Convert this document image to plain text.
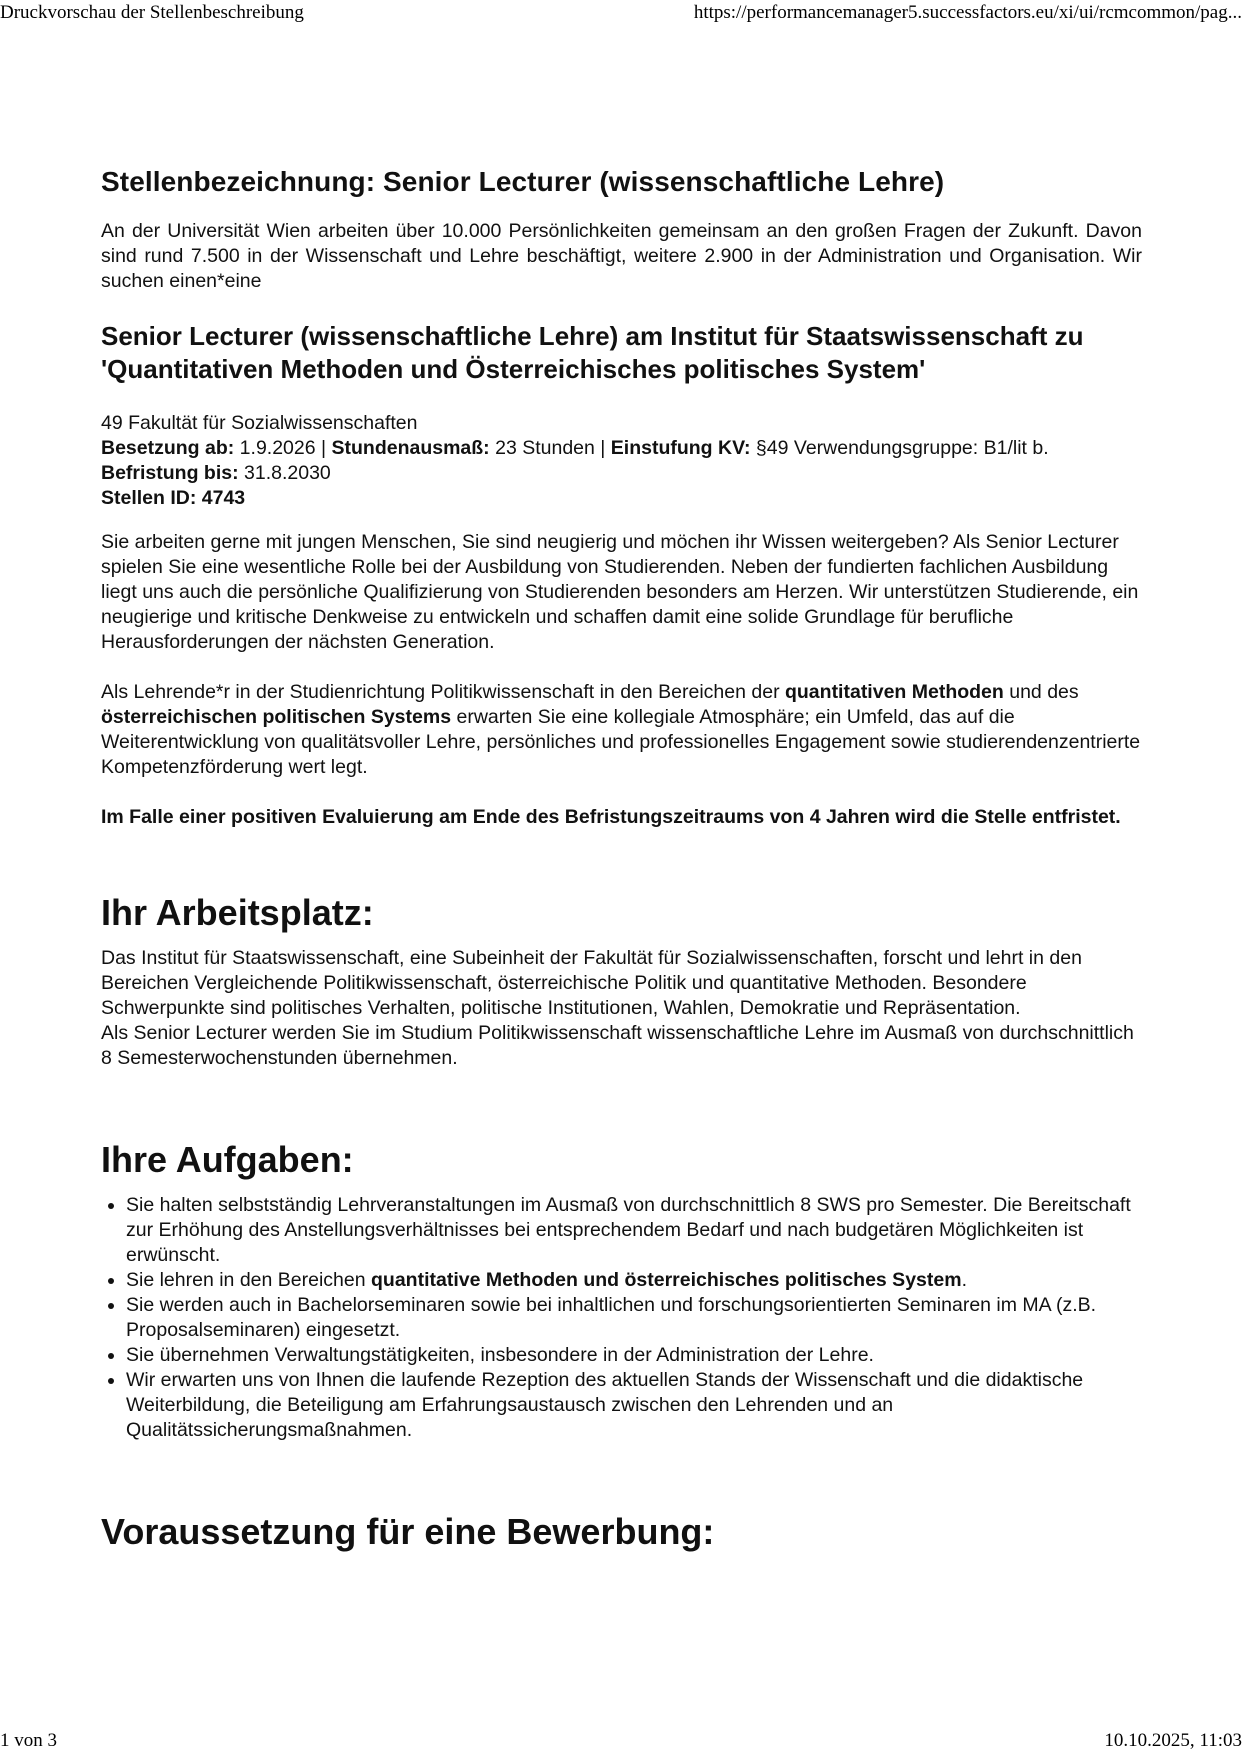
Druckvorschau der Stellenbeschreibung	https://performancemanager5.successfactors.eu/xi/ui/rcmcommon/pag...
Stellenbezeichnung: Senior Lecturer (wissenschaftliche Lehre)

An der Universität Wien arbeiten über 10.000 Persönlichkeiten gemeinsam an den großen Fragen der Zukunft. Davon sind rund 7.500 in der Wissenschaft und Lehre beschäftigt, weitere 2.900 in der Administration und Organisation. Wir suchen einen*eine

Senior Lecturer (wissenschaftliche Lehre) am Institut für Staatswissenschaft zu 'Quantitativen Methoden und Österreichisches politisches System'
49 Fakultät für Sozialwissenschaften
Besetzung ab: 1.9.2026 | Stundenausmaß: 23 Stunden | Einstufung KV: §49 Verwendungsgruppe: B1/lit b.
Befristung bis: 31.8.2030
Stellen ID: 4743

Sie arbeiten gerne mit jungen Menschen, Sie sind neugierig und möchen ihr Wissen weitergeben? Als Senior Lecturer spielen Sie eine wesentliche Rolle bei der Ausbildung von Studierenden. Neben der fundierten fachlichen Ausbildung liegt uns auch die persönliche Qualifizierung von Studierenden besonders am Herzen. Wir unterstützen Studierende, ein neugierige und kritische Denkweise zu entwickeln und schaffen damit eine solide Grundlage für berufliche Herausforderungen der nächsten Generation.

Als Lehrende*r in der Studienrichtung Politikwissenschaft in den Bereichen der quantitativen Methoden und des österreichischen politischen Systems erwarten Sie eine kollegiale Atmosphäre; ein Umfeld, das auf die Weiterentwicklung von qualitätsvoller Lehre, persönliches und professionelles Engagement sowie studierendenzentrierte Kompetenzförderung wert legt.

Im Falle einer positiven Evaluierung am Ende des Befristungszeitraums von 4 Jahren wird die Stelle entfristet.

Ihr Arbeitsplatz:

Das Institut für Staatswissenschaft, eine Subeinheit der Fakultät für Sozialwissenschaften, forscht und lehrt in den Bereichen Vergleichende Politikwissenschaft, österreichische Politik und quantitative Methoden. Besondere Schwerpunkte sind politisches Verhalten, politische Institutionen, Wahlen, Demokratie und Repräsentation.

Als Senior Lecturer werden Sie im Studium Politikwissenschaft wissenschaftliche Lehre im Ausmaß von durchschnittlich 8 Semesterwochenstunden übernehmen.

Ihre Aufgaben:
• Sie halten selbstständig Lehrveranstaltungen im Ausmaß von durchschnittlich 8 SWS pro Semester. Die Bereitschaft zur Erhöhung des Anstellungsverhältnisses bei entsprechendem Bedarf und nach budgetären Möglichkeiten ist erwünscht.
• Sie lehren in den Bereichen quantitative Methoden und österreichisches politisches System.
• Sie werden auch in Bachelorseminaren sowie bei inhaltlichen und forschungsorientierten Seminaren im MA (z.B. Proposalseminaren) eingesetzt.
• Sie übernehmen Verwaltungstätigkeiten, insbesondere in der Administration der Lehre.
• Wir erwarten uns von Ihnen die laufende Rezeption des aktuellen Stands der Wissenschaft und die didaktische Weiterbildung, die Beteiligung am Erfahrungsaustausch zwischen den Lehrenden und an Qualitätssicherungsmaßnahmen.
Voraussetzung für eine Bewerbung:
1 von 3	10.10.2025, 11:03
